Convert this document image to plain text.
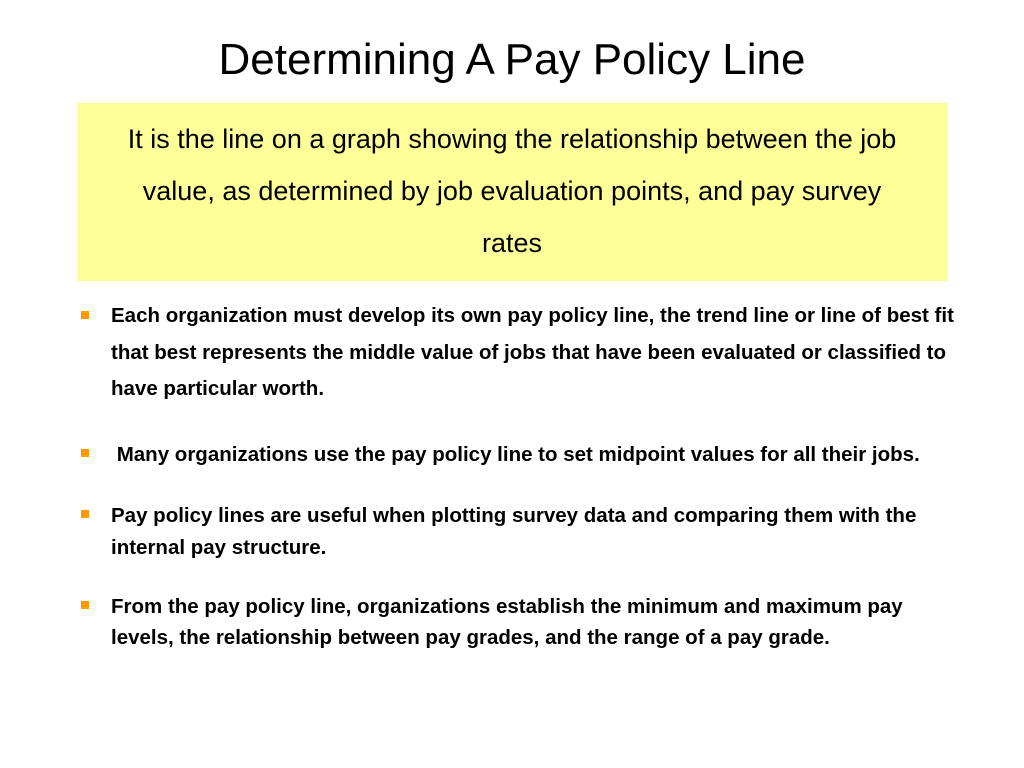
Determining A Pay Policy Line

It is the line on a graph showing the relationship between the job value, as determined by job evaluation points, and pay survey rates

Each organization must develop its own pay policy line, the trend line or line of best fit that best represents the middle value of jobs that have been evaluated or classified to have particular worth.
Many organizations use the pay policy line to set midpoint values for all their jobs.
Pay policy lines are useful when plotting survey data and comparing them with the internal pay structure.
From the pay policy line, organizations establish the minimum and maximum pay levels, the relationship between pay grades, and the range of a pay grade.
